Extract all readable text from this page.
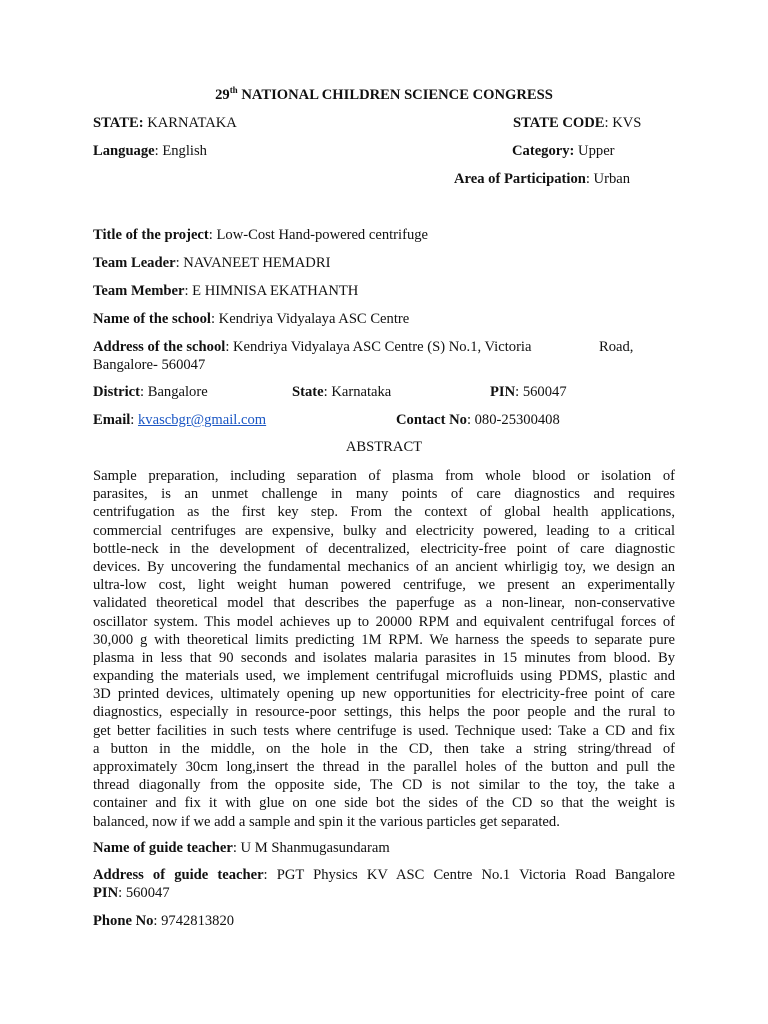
29th NATIONAL CHILDREN SCIENCE CONGRESS
STATE: KARNATAKA	STATE CODE: KVS
Language: English	Category: Upper
Area of Participation: Urban
Title of the project: Low-Cost Hand-powered centrifuge
Team Leader: NAVANEET HEMADRI
Team Member: E HIMNISA EKATHANTH
Name of the school: Kendriya Vidyalaya ASC Centre
Address of the school: Kendriya Vidyalaya ASC Centre (S) No.1, Victoria	Road,
Bangalore- 560047
District: Bangalore	State: Karnataka	PIN: 560047
Email: kvascbgr@gmail.com	Contact No: 080-25300408
ABSTRACT
Sample preparation, including separation of plasma from whole blood or isolation of
parasites, is an unmet challenge in many points of care diagnostics and requires
centrifugation as the first key step. From the context of global health applications,
commercial centrifuges are expensive, bulky and electricity powered, leading to a critical
bottle-neck in the development of decentralized, electricity-free point of care diagnostic
devices. By uncovering the fundamental mechanics of an ancient whirligig toy, we design an
ultra-low cost, light weight human powered centrifuge, we present an experimentally
validated theoretical model that describes the paperfuge as a non-linear, non-conservative
oscillator system. This model achieves up to 20000 RPM and equivalent centrifugal forces of
30,000 g with theoretical limits predicting 1M RPM. We harness the speeds to separate pure
plasma in less that 90 seconds and isolates malaria parasites in 15 minutes from blood. By
expanding the materials used, we implement centrifugal microfluids using PDMS, plastic and
3D printed devices, ultimately opening up new opportunities for electricity-free point of care
diagnostics, especially in resource-poor settings, this helps the poor people and the rural to
get better facilities in such tests where centrifuge is used. Technique used: Take a CD and fix
a button in the middle, on the hole in the CD, then take a string string/thread of
approximately 30cm long,insert the thread in the parallel holes of the button and pull the
thread diagonally from the opposite side, The CD is not similar to the toy, the take a
container and fix it with glue on one side bot the sides of the CD so that the weight is
balanced, now if we add a sample and spin it the various particles get separated.
Name of guide teacher: U M Shanmugasundaram
Address of guide teacher: PGT Physics KV ASC Centre No.1 Victoria Road Bangalore
PIN: 560047
Phone No: 9742813820
